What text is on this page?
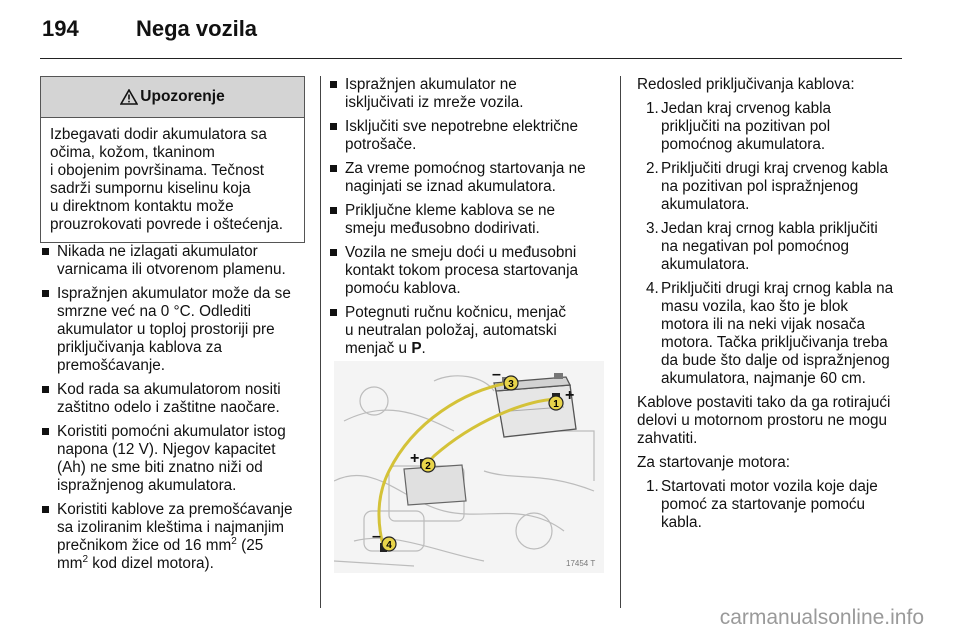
194	Nega vozila
Upozorenje
Izbegavati dodir akumulatora sa
očima, kožom, tkaninom
i obojenim površinama. Tečnost
sadrži sumpornu kiselinu koja
u direktnom kontaktu može
prouzrokovati povrede i oštećenja.
Nikada ne izlagati akumulator
varnicama ili otvorenom plamenu.
Ispražnjen akumulator može da se
smrzne već na 0 °C. Odlediti
akumulator u toploj prostoriji pre
priključivanja kablova za
premošćavanje.
Kod rada sa akumulatorom nositi
zaštitno odelo i zaštitne naočare.
Koristiti pomoćni akumulator istog
napona (12 V). Njegov kapacitet
(Ah) ne sme biti znatno niži od
ispražnjenog akumulatora.
Koristiti kablove za premošćavanje
sa izoliranim kleštima i najmanjim
prečnikom žice od 16 $mm^2$ (25
$mm^2$ kod dizel motora).
Ispražnjen akumulator ne
isključivati iz mreže vozila.
Isključiti sve nepotrebne električne
potrošače.
Za vreme pomoćnog startovanja ne
naginjati se iznad akumulatora.
Priključne kleme kablova se ne
smeju međusobno dodirivati.
Vozila ne smeju doći u međusobni
kontakt tokom procesa startovanja
pomoću kablova.
Potegnuti ručnu kočnicu, menjač
u neutralan položaj, automatski
menjač u P.
1
2
3
4
+
+
–
–
17454 T
Redosled priključivanja kablova:
1. Jedan kraj crvenog kabla
priključiti na pozitivan pol
pomoćnog akumulatora.
2. Priključiti drugi kraj crvenog kabla
na pozitivan pol ispražnjenog
akumulatora.
3. Jedan kraj crnog kabla priključiti
na negativan pol pomoćnog
akumulatora.
4. Priključiti drugi kraj crnog kabla na
masu vozila, kao što je blok
motora ili na neki vijak nosača
motora. Tačka priključivanja treba
da bude što dalje od ispražnjenog
akumulatora, najmanje 60 cm.
Kablove postaviti tako da ga rotirajući
delovi u motornom prostoru ne mogu
zahvatiti.
Za startovanje motora:
1. Startovati motor vozila koje daje
pomoć za startovanje pomoću
kabla.
carmanualsonline.info
